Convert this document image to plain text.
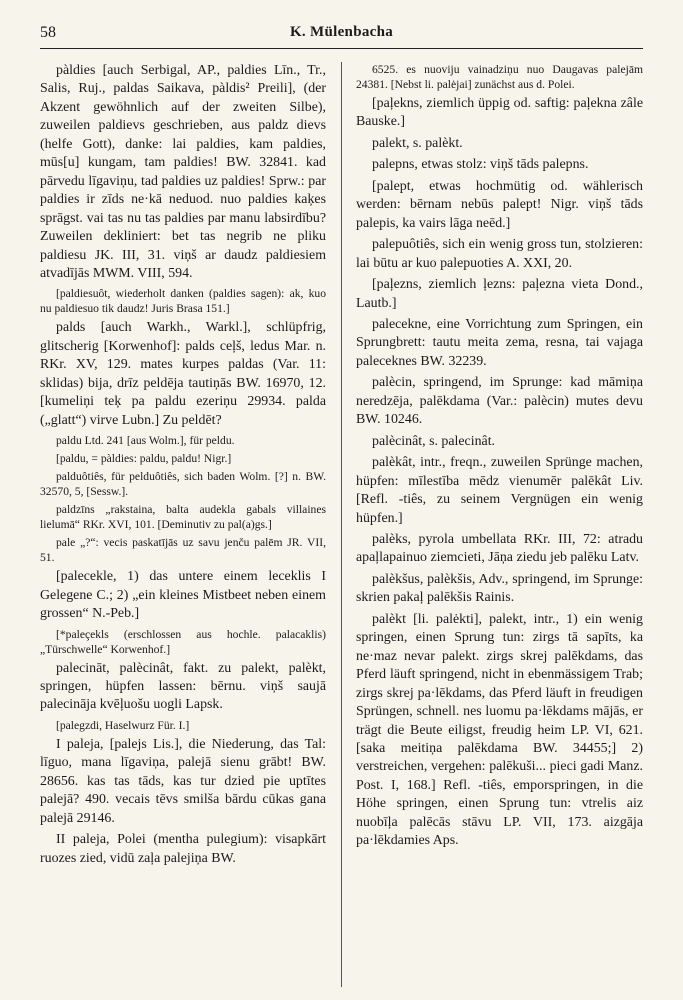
58	K. Mülenbacha

pàldies [auch Serbigal, AP., paldies Līn., Tr., Salis, Ruj., paldas Saikava, pàldis² Preili], (der Akzent gewöhnlich auf der zweiten Silbe), zuweilen paldievs geschrieben, aus paldz dievs (helfe Gott), danke: lai paldies, kam paldies, mūs[u] kungam, tam paldies! BW. 32841. kad pārvedu līgaviņu, tad paldies uz paldies! Sprw.: par paldies ir zīds ne·kā neduod. nuo paldies kaķes sprāgst. vai tas nu tas paldies par manu labsirdību? Zuweilen dekliniert: bet tas negrib ne pliku paldiesu JK. III, 31. viņš ar daudz paldiesiem atvadījās MWM. VIII, 594.

[paldiesuôt, wiederholt danken (paldies sagen): ak, kuo nu paldiesuo tik daudz! Juris Brasa 151.]

palds [auch Warkh., Warkl.], schlüpfrig, glitscherig [Korwenhof]: palds ceļš, ledus Mar. n. RKr. XV, 129. mates kurpes paldas (Var. 11: sklidas) bija, drīz peldēja tautiņās BW. 16970, 12. [kumeliņi teķ pa paldu ezeriņu 29934. palda („glatt“) virve Lubn.] Zu peldēt?

paldu Ltd. 241 [aus Wolm.], für peldu.

[paldu, = pàldies: paldu, paldu! Nigr.]

palduôtiês, für pelduôtiês, sich baden Wolm. [?] n. BW. 32570, 5, [Sessw.].

paldzīns „rakstaina, balta audekla gabals villaines lielumā“ RKr. XVI, 101. [Deminutiv zu pal(a)gs.]

pale „?“: vecis paskatījās uz savu jenču palēm JR. VII, 51.

[palecekle, 1) das untere einem leceklis I Gelegene C.; 2) „ein kleines Mistbeet neben einem grossen“ N.-Peb.]

[*paleçekls (erschlossen aus hochle. palacaklis) „Türschwelle“ Korwenhof.]

palecināt, palècinât, fakt. zu palekt, palèkt, springen, hüpfen lassen: bērnu. viņš saujā palecināja kvēļuošu uogli Lapsk.

[palegzdi, Haselwurz Für. I.]

I paleja, [palejs Lis.], die Niederung, das Tal: līguo, mana līgaviņa, palejā sienu grābt! BW. 28656. kas tas tāds, kas tur dzied pie uptītes palejā? 490. vecais tēvs smilša bārdu cūkas gana palejā 29146.

II paleja, Polei (mentha pulegium): visapkārt ruozes zied, vidū zaļa palejiņa BW.

6525. es nuoviju vainadziņu nuo Daugavas palejām 24381. [Nebst li. palėjai] zunächst aus d. Polei.

[paļekns, ziemlich üppig od. saftig: paļekna zâle Bauske.]

palekt, s. palèkt.

palepns, etwas stolz: viņš tāds palepns.

[palept, etwas hochmütig od. wählerisch werden: bērnam nebūs palept! Nigr. viņš tāds palepis, ka vairs lāga neēd.]

palepuôtiês, sich ein wenig gross tun, stolzieren: lai būtu ar kuo palepuoties A. XXI, 20.

[paļezns, ziemlich ļezns: paļezna vieta Dond., Lautb.]

palecekne, eine Vorrichtung zum Springen, ein Sprungbrett: tautu meita zema, resna, tai vajaga paleceknes BW. 32239.

palècin, springend, im Sprunge: kad māmiņa neredzēja, palēkdama (Var.: palècin) mutes devu BW. 10246.

palècinât, s. palecinât.

palèkât, intr., freqn., zuweilen Sprünge machen, hüpfen: mīlestība mēdz vienumēr palēkât Liv. [Refl. -tiês, zu seinem Vergnügen ein wenig hüpfen.]

palèks, pyrola umbellata RKr. III, 72: atradu apaļlapainuo ziemcieti, Jāņa ziedu jeb palēku Latv.

palèkšus, palèkšis, Adv., springend, im Sprunge: skrien pakaļ palēkšis Rainis.

palèkt [li. palėkti], palekt, intr., 1) ein wenig springen, einen Sprung tun: zirgs tā sapīts, ka ne·maz nevar palekt. zirgs skrej palēkdams, das Pferd läuft springend, nicht in ebenmässigem Trab; zirgs skrej pa·lēkdams, das Pferd läuft in freudigen Sprüngen, schnell. nes luomu pa·lēkdams mājās, er trägt die Beute eiligst, freudig heim LP. VI, 621. [saka meitiņa palēkdama BW. 34455;] 2) verstreichen, vergehen: palēkuši... pieci gadi Manz. Post. I, 168.] Refl. -tiês, emporspringen, in die Höhe springen, einen Sprung tun: vtrelis aiz nuobīļa palēcās stāvu LP. VII, 173. aizgāja pa·lēkdamies Aps.
